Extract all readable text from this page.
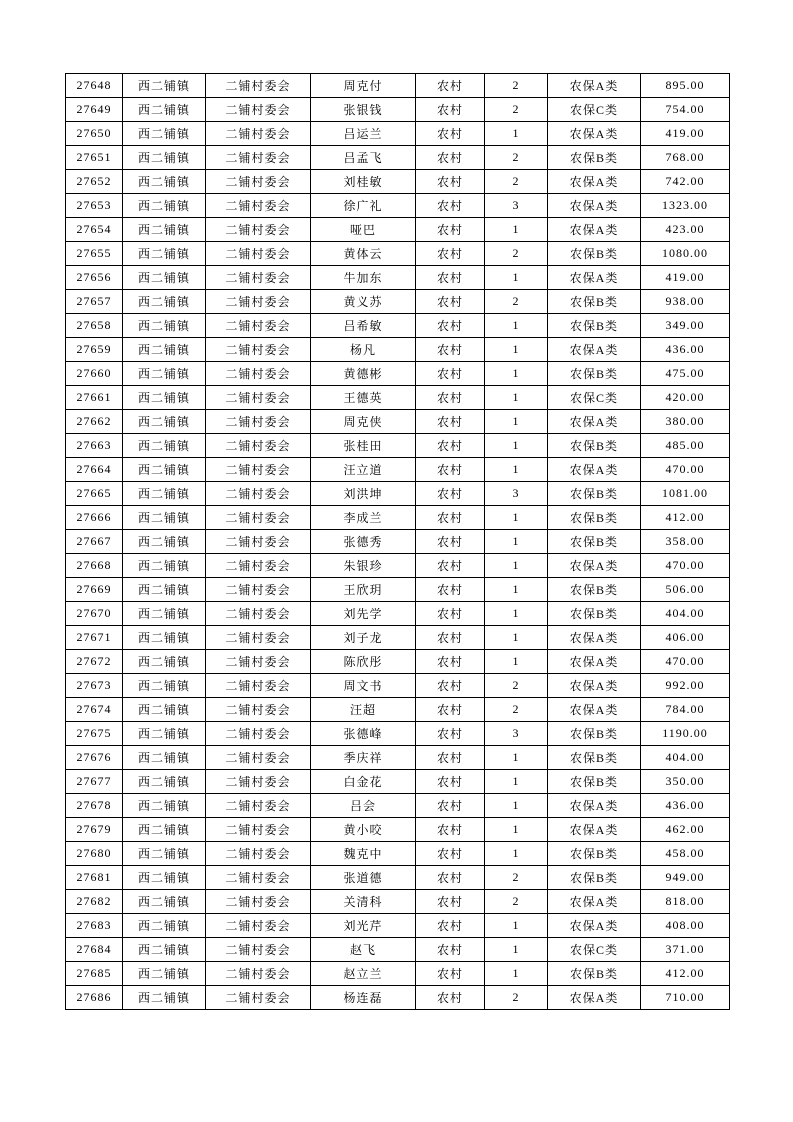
27648	西二铺镇	二铺村委会	周克付	农村	2	农保A类	895.00
27649	西二铺镇	二铺村委会	张银钱	农村	2	农保C类	754.00
27650	西二铺镇	二铺村委会	吕运兰	农村	1	农保A类	419.00
27651	西二铺镇	二铺村委会	吕孟飞	农村	2	农保B类	768.00
27652	西二铺镇	二铺村委会	刘桂敏	农村	2	农保A类	742.00
27653	西二铺镇	二铺村委会	徐广礼	农村	3	农保A类	1323.00
27654	西二铺镇	二铺村委会	哑巴	农村	1	农保A类	423.00
27655	西二铺镇	二铺村委会	黄体云	农村	2	农保B类	1080.00
27656	西二铺镇	二铺村委会	牛加东	农村	1	农保A类	419.00
27657	西二铺镇	二铺村委会	黄义苏	农村	2	农保B类	938.00
27658	西二铺镇	二铺村委会	吕希敏	农村	1	农保B类	349.00
27659	西二铺镇	二铺村委会	杨凡	农村	1	农保A类	436.00
27660	西二铺镇	二铺村委会	黄德彬	农村	1	农保B类	475.00
27661	西二铺镇	二铺村委会	王德英	农村	1	农保C类	420.00
27662	西二铺镇	二铺村委会	周克侠	农村	1	农保A类	380.00
27663	西二铺镇	二铺村委会	张桂田	农村	1	农保B类	485.00
27664	西二铺镇	二铺村委会	汪立道	农村	1	农保A类	470.00
27665	西二铺镇	二铺村委会	刘洪坤	农村	3	农保B类	1081.00
27666	西二铺镇	二铺村委会	李成兰	农村	1	农保B类	412.00
27667	西二铺镇	二铺村委会	张德秀	农村	1	农保B类	358.00
27668	西二铺镇	二铺村委会	朱银珍	农村	1	农保A类	470.00
27669	西二铺镇	二铺村委会	王欣玥	农村	1	农保B类	506.00
27670	西二铺镇	二铺村委会	刘先学	农村	1	农保B类	404.00
27671	西二铺镇	二铺村委会	刘子龙	农村	1	农保A类	406.00
27672	西二铺镇	二铺村委会	陈欣彤	农村	1	农保A类	470.00
27673	西二铺镇	二铺村委会	周文书	农村	2	农保A类	992.00
27674	西二铺镇	二铺村委会	汪超	农村	2	农保A类	784.00
27675	西二铺镇	二铺村委会	张德峰	农村	3	农保B类	1190.00
27676	西二铺镇	二铺村委会	季庆祥	农村	1	农保B类	404.00
27677	西二铺镇	二铺村委会	白金花	农村	1	农保B类	350.00
27678	西二铺镇	二铺村委会	吕会	农村	1	农保A类	436.00
27679	西二铺镇	二铺村委会	黄小咬	农村	1	农保A类	462.00
27680	西二铺镇	二铺村委会	魏克中	农村	1	农保B类	458.00
27681	西二铺镇	二铺村委会	张道德	农村	2	农保B类	949.00
27682	西二铺镇	二铺村委会	关清科	农村	2	农保A类	818.00
27683	西二铺镇	二铺村委会	刘光芹	农村	1	农保A类	408.00
27684	西二铺镇	二铺村委会	赵飞	农村	1	农保C类	371.00
27685	西二铺镇	二铺村委会	赵立兰	农村	1	农保B类	412.00
27686	西二铺镇	二铺村委会	杨连磊	农村	2	农保A类	710.00
